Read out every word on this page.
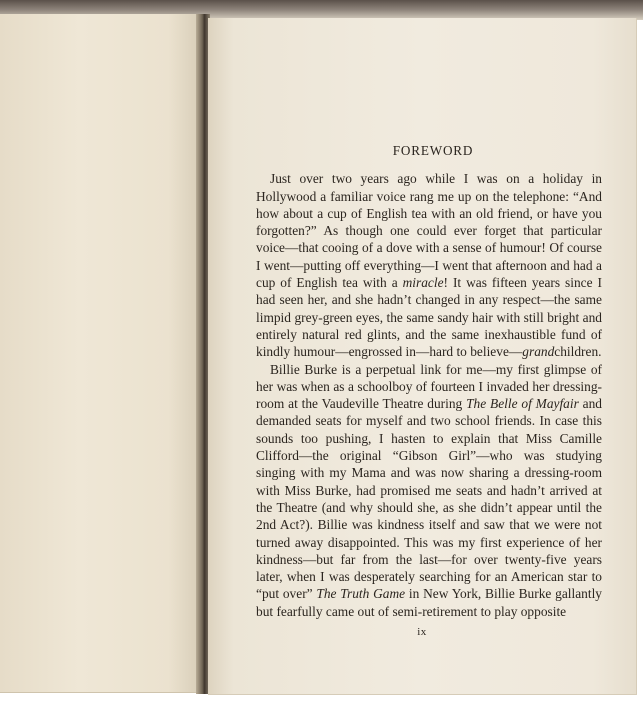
FOREWORD

Just over two years ago while I was on a holiday in Hollywood a familiar voice rang me up on the telephone: “And how about a cup of English tea with an old friend, or have you forgotten?” As though one could ever forget that particular voice—that cooing of a dove with a sense of humour! Of course I went—putting off everything—I went that afternoon and had a cup of English tea with a miracle! It was fifteen years since I had seen her, and she hadn’t changed in any respect—the same limpid grey-green eyes, the same sandy hair with still bright and entirely natural red glints, and the same inexhaustible fund of kindly humour—engrossed in—hard to believe—grandchildren.

Billie Burke is a perpetual link for me—my first glimpse of her was when as a schoolboy of fourteen I invaded her dressing-room at the Vaudeville Theatre during The Belle of Mayfair and demanded seats for myself and two school friends. In case this sounds too pushing, I hasten to explain that Miss Camille Clifford—the original “Gibson Girl”—who was studying singing with my Mama and was now sharing a dressing-room with Miss Burke, had promised me seats and hadn’t arrived at the Theatre (and why should she, as she didn’t appear until the 2nd Act?). Billie was kindness itself and saw that we were not turned away disappointed. This was my first experience of her kindness—but far from the last—for over twenty-five years later, when I was desperately searching for an American star to “put over” The Truth Game in New York, Billie Burke gallantly but fearfully came out of semi-retirement to play opposite

ix
